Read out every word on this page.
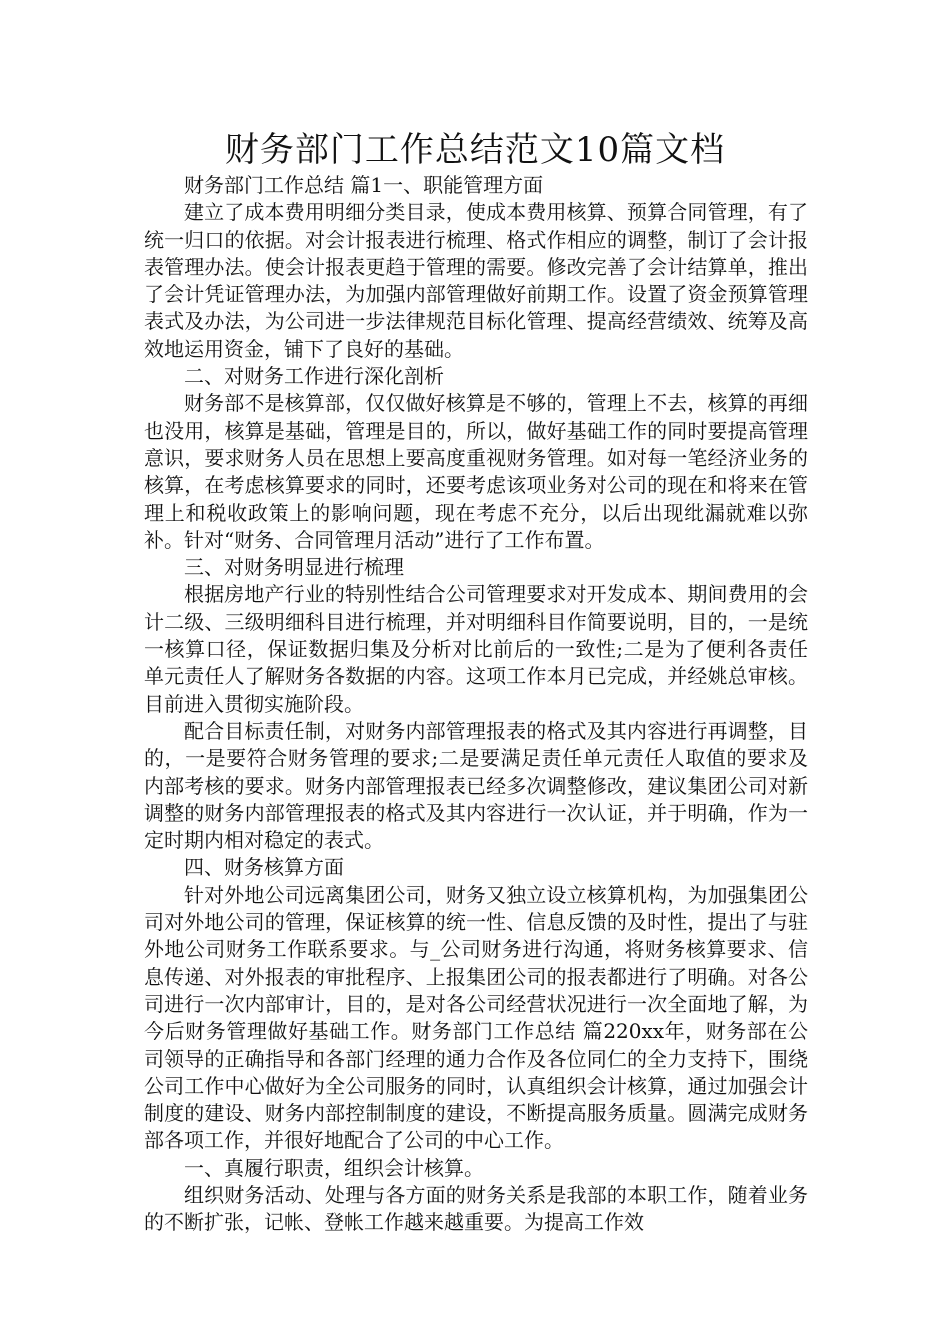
财务部门工作总结范文10篇文档

财务部门工作总结 篇1一、职能管理方面

建立了成本费用明细分类目录，使成本费用核算、预算合同管理，有了统一归口的依据。对会计报表进行梳理、格式作相应的调整，制订了会计报表管理办法。使会计报表更趋于管理的需要。修改完善了会计结算单，推出了会计凭证管理办法，为加强内部管理做好前期工作。设置了资金预算管理表式及办法，为公司进一步法律规范目标化管理、提高经营绩效、统筹及高效地运用资金，铺下了良好的基础。

二、对财务工作进行深化剖析

财务部不是核算部，仅仅做好核算是不够的，管理上不去，核算的再细也没用，核算是基础，管理是目的，所以，做好基础工作的同时要提高管理意识，要求财务人员在思想上要高度重视财务管理。如对每一笔经济业务的核算，在考虑核算要求的同时，还要考虑该项业务对公司的现在和将来在管理上和税收政策上的影响问题，现在考虑不充分，以后出现纰漏就难以弥补。针对“财务、合同管理月活动”进行了工作布置。

三、对财务明显进行梳理

根据房地产行业的特别性结合公司管理要求对开发成本、期间费用的会计二级、三级明细科目进行梳理，并对明细科目作简要说明，目的，一是统一核算口径，保证数据归集及分析对比前后的一致性;二是为了便利各责任单元责任人了解财务各数据的内容。这项工作本月已完成，并经姚总审核。目前进入贯彻实施阶段。

配合目标责任制，对财务内部管理报表的格式及其内容进行再调整，目的，一是要符合财务管理的要求;二是要满足责任单元责任人取值的要求及内部考核的要求。财务内部管理报表已经多次调整修改，建议集团公司对新调整的财务内部管理报表的格式及其内容进行一次认证，并于明确，作为一定时期内相对稳定的表式。

四、财务核算方面

针对外地公司远离集团公司，财务又独立设立核算机构，为加强集团公司对外地公司的管理，保证核算的统一性、信息反馈的及时性，提出了与驻外地公司财务工作联系要求。与_公司财务进行沟通，将财务核算要求、信息传递、对外报表的审批程序、上报集团公司的报表都进行了明确。对各公司进行一次内部审计，目的，是对各公司经营状况进行一次全面地了解，为今后财务管理做好基础工作。财务部门工作总结 篇220xx年，财务部在公司领导的正确指导和各部门经理的通力合作及各位同仁的全力支持下，围绕公司工作中心做好为全公司服务的同时，认真组织会计核算，通过加强会计制度的建设、财务内部控制制度的建设，不断提高服务质量。圆满完成财务部各项工作，并很好地配合了公司的中心工作。

一、真履行职责，组织会计核算。

组织财务活动、处理与各方面的财务关系是我部的本职工作，随着业务的不断扩张，记帐、登帐工作越来越重要。为提高工作效
